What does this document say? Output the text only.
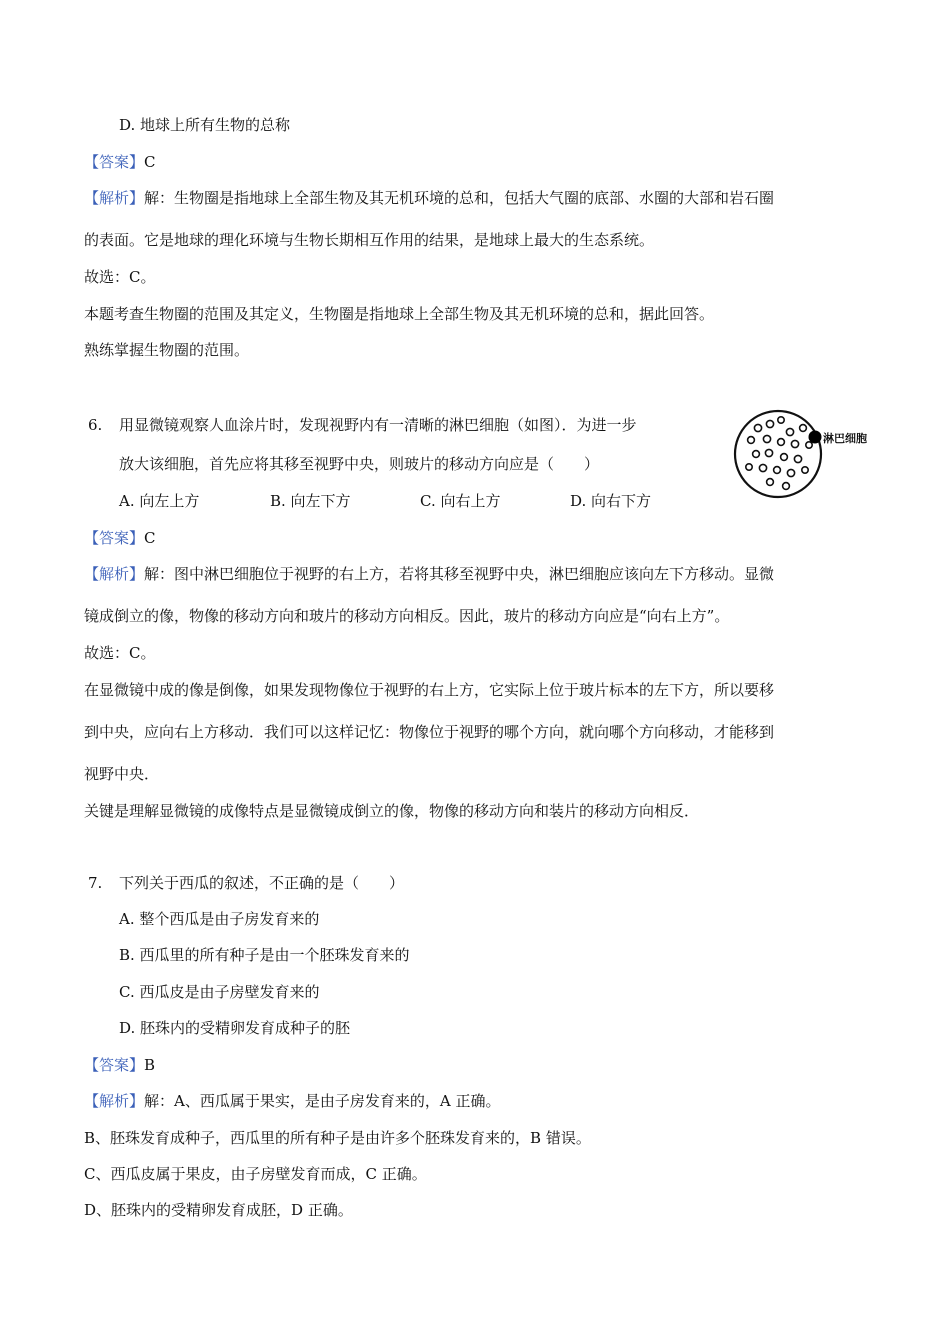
D. 地球上所有生物的总称
【答案】C
【解析】解：生物圈是指地球上全部生物及其无机环境的总和，包括大气圈的底部、水圈的大部和岩石圈
的表面。它是地球的理化环境与生物长期相互作用的结果，是地球上最大的生态系统。
故选：C。
本题考查生物圈的范围及其定义，生物圈是指地球上全部生物及其无机环境的总和，据此回答。
熟练掌握生物圈的范围。
6. 用显微镜观察人血涂片时，发现视野内有一清晰的淋巴细胞（如图）．为进一步
放大该细胞，首先应将其移至视野中央，则玻片的移动方向应是（　　）
A. 向左上方	B. 向左下方	C. 向右上方	D. 向右下方
淋巴细胞
【答案】C
【解析】解：图中淋巴细胞位于视野的右上方，若将其移至视野中央，淋巴细胞应该向左下方移动。显微
镜成倒立的像，物像的移动方向和玻片的移动方向相反。因此，玻片的移动方向应是“向右上方”。
故选：C。
在显微镜中成的像是倒像，如果发现物像位于视野的右上方，它实际上位于玻片标本的左下方，所以要移
到中央，应向右上方移动．我们可以这样记忆：物像位于视野的哪个方向，就向哪个方向移动，才能移到
视野中央．
关键是理解显微镜的成像特点是显微镜成倒立的像，物像的移动方向和装片的移动方向相反．
7. 下列关于西瓜的叙述，不正确的是（　　）
A. 整个西瓜是由子房发育来的
B. 西瓜里的所有种子是由一个胚珠发育来的
C. 西瓜皮是由子房壁发育来的
D. 胚珠内的受精卵发育成种子的胚
【答案】B
【解析】解：A、西瓜属于果实，是由子房发育来的，A 正确。
B、胚珠发育成种子，西瓜里的所有种子是由许多个胚珠发育来的，B 错误。
C、西瓜皮属于果皮，由子房壁发育而成，C 正确。
D、胚珠内的受精卵发育成胚，D 正确。
